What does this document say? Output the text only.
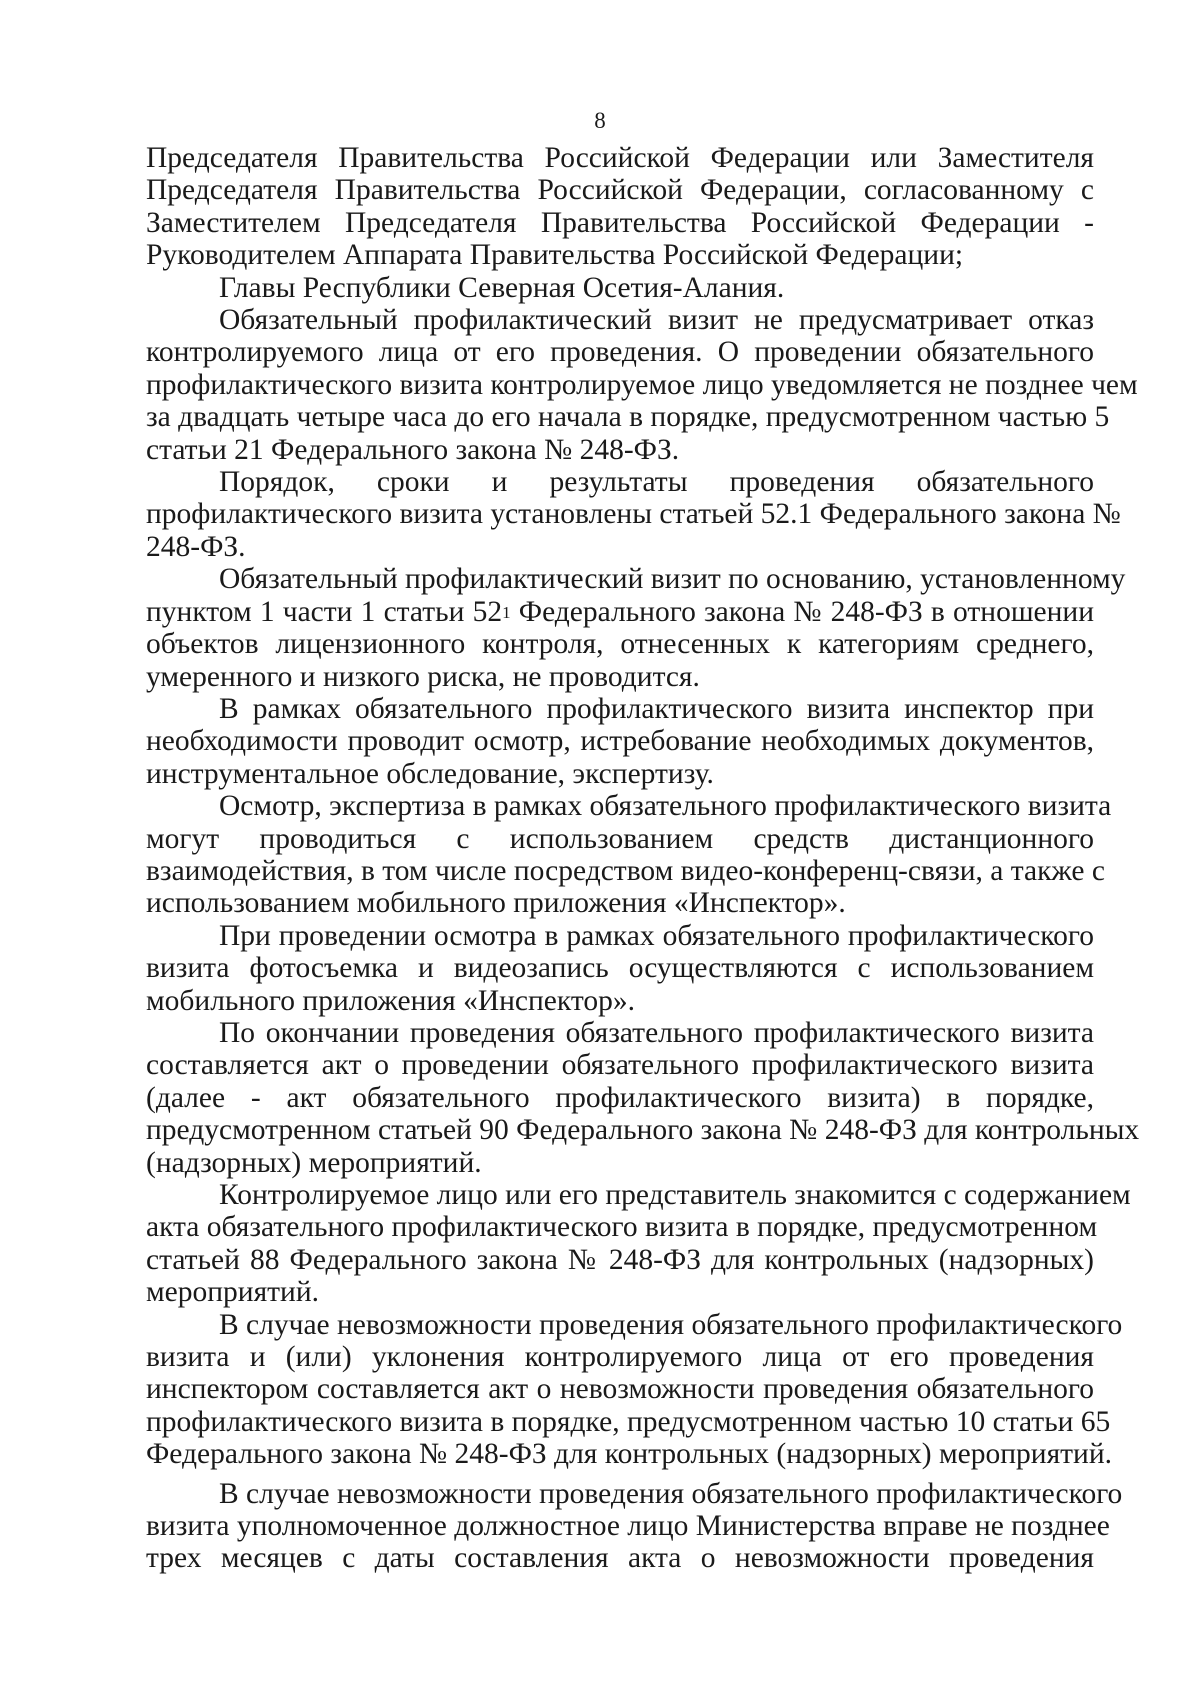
8
Председателя Правительства Российской Федерации или Заместителя
Председателя Правительства Российской Федерации, согласованному с
Заместителем Председателя Правительства Российской Федерации -
Руководителем Аппарата Правительства Российской Федерации;
Главы Республики Северная Осетия-Алания.
Обязательный профилактический визит не предусматривает отказ
контролируемого лица от его проведения. О проведении обязательного
профилактического визита контролируемое лицо уведомляется не позднее чем
за двадцать четыре часа до его начала в порядке, предусмотренном частью 5
статьи 21 Федерального закона № 248-ФЗ.
Порядок, сроки и результаты проведения обязательного
профилактического визита установлены статьей 52.1 Федерального закона №
248-ФЗ.
Обязательный профилактический визит по основанию, установленному
пунктом 1 части 1 статьи $52^1$ Федерального закона № 248-ФЗ в отношении
объектов лицензионного контроля, отнесенных к категориям среднего,
умеренного и низкого риска, не проводится.
В рамках обязательного профилактического визита инспектор при
необходимости проводит осмотр, истребование необходимых документов,
инструментальное обследование, экспертизу.
Осмотр, экспертиза в рамках обязательного профилактического визита
могут проводиться с использованием средств дистанционного
взаимодействия, в том числе посредством видео-конференц-связи, а также с
использованием мобильного приложения «Инспектор».
При проведении осмотра в рамках обязательного профилактического
визита фотосъемка и видеозапись осуществляются с использованием
мобильного приложения «Инспектор».
По окончании проведения обязательного профилактического визита
составляется акт о проведении обязательного профилактического визита
(далее - акт обязательного профилактического визита) в порядке,
предусмотренном статьей 90 Федерального закона № 248-ФЗ для контрольных
(надзорных) мероприятий.
Контролируемое лицо или его представитель знакомится с содержанием
акта обязательного профилактического визита в порядке, предусмотренном
статьей 88 Федерального закона № 248-ФЗ для контрольных (надзорных)
мероприятий.
В случае невозможности проведения обязательного профилактического
визита и (или) уклонения контролируемого лица от его проведения
инспектором составляется акт о невозможности проведения обязательного
профилактического визита в порядке, предусмотренном частью 10 статьи 65
Федерального закона № 248-ФЗ для контрольных (надзорных) мероприятий.
В случае невозможности проведения обязательного профилактического
визита уполномоченное должностное лицо Министерства вправе не позднее
трех месяцев с даты составления акта о невозможности проведения
